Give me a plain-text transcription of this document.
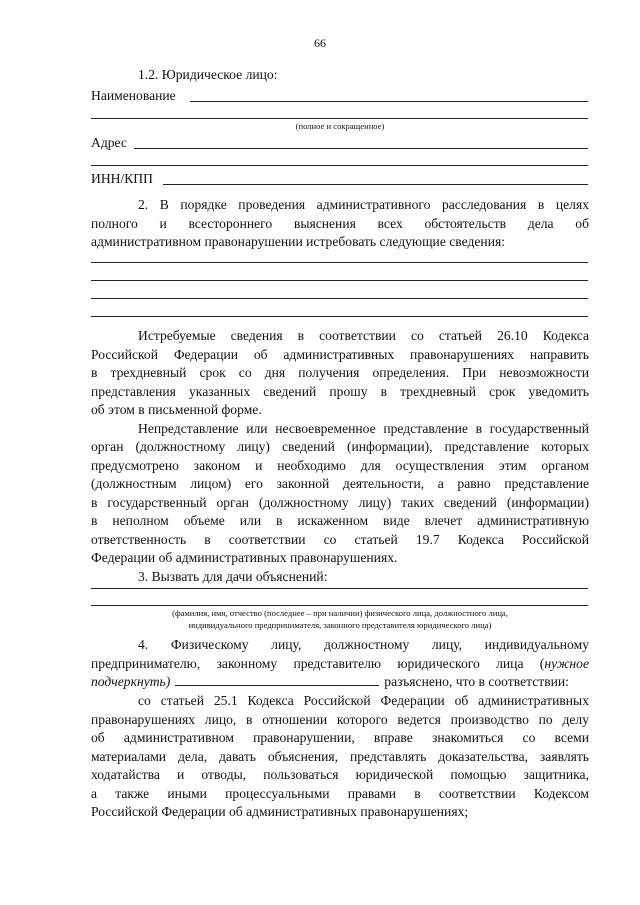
66
1.2. Юридическое лицо:
Наименование
(полное и сокращенное)
Адрес
ИНН/КПП
2. В порядке проведения административного расследования в целях
полного и всестороннего выяснения всех обстоятельств дела об
административном правонарушении истребовать следующие сведения:
Истребуемые сведения в соответствии со статьей 26.10 Кодекса
Российской Федерации об административных правонарушениях направить
в трехдневный срок со дня получения определения. При невозможности
представления указанных сведений прошу в трехдневный срок уведомить
об этом в письменной форме.
Непредставление или несвоевременное представление в государственный
орган (должностному лицу) сведений (информации), представление которых
предусмотрено законом и необходимо для осуществления этим органом
(должностным лицом) его законной деятельности, а равно представление
в государственный орган (должностному лицу) таких сведений (информации)
в неполном объеме или в искаженном виде влечет административную
ответственность в соответствии со статьей 19.7 Кодекса Российской
Федерации об административных правонарушениях.
3. Вызвать для дачи объяснений:
(фамилия, имя, отчество (последнее – при наличии) физического лица, должностного лица,
индивидуального предпринимателя, законного представителя юридического лица)
4. Физическому лицу, должностному лицу, индивидуальному
предпринимателю, законному представителю юридического лица (нужное
подчеркнуть)	разъяснено, что в соответствии:
со статьей 25.1 Кодекса Российской Федерации об административных
правонарушениях лицо, в отношении которого ведется производство по делу
об административном правонарушении, вправе знакомиться со всеми
материалами дела, давать объяснения, представлять доказательства, заявлять
ходатайства и отводы, пользоваться юридической помощью защитника,
а также иными процессуальными правами в соответствии Кодексом
Российской Федерации об административных правонарушениях;
